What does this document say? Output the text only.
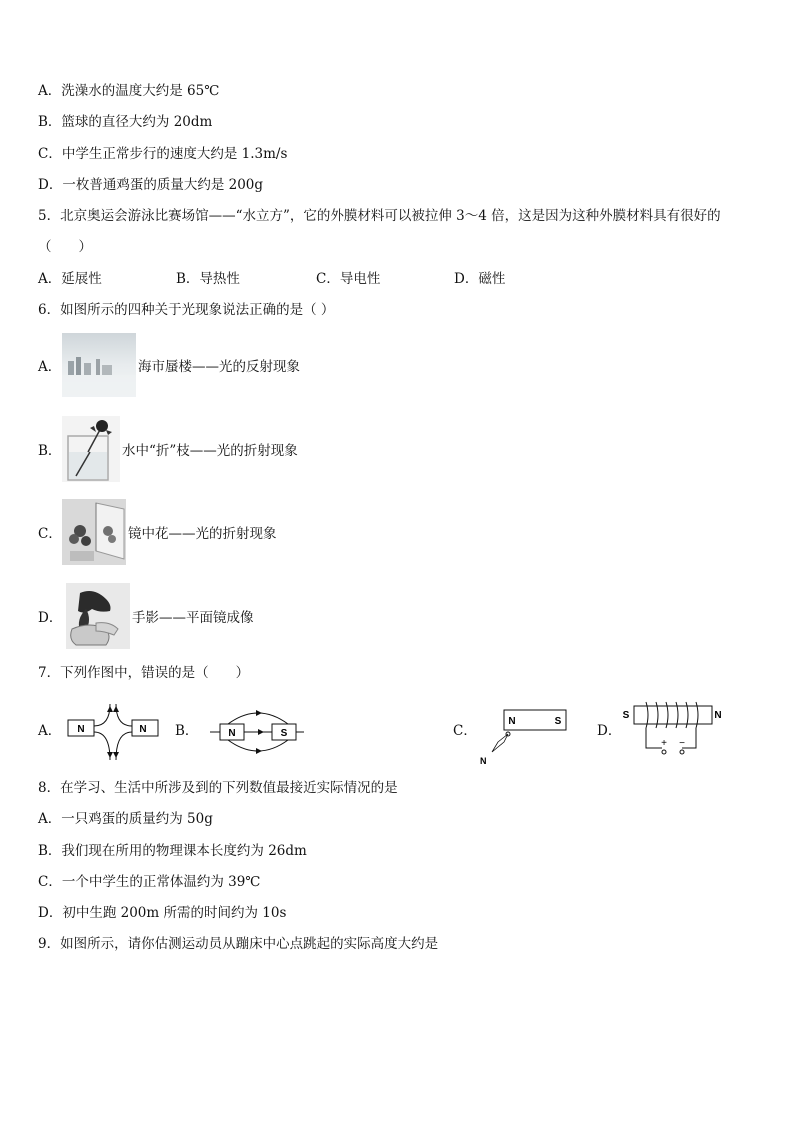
A．洗澡水的温度大约是 65℃
B．篮球的直径大约为 20dm
C．中学生正常步行的速度大约是 1.3m/s
D．一枚普通鸡蛋的质量大约是 200g
5．北京奥运会游泳比赛场馆——“水立方”，它的外膜材料可以被拉伸 3～4 倍，这是因为这种外膜材料具有很好的
（　　）
A．延展性	B．导热性	C．导电性	D．磁性
6．如图所示的四种关于光现象说法正确的是（ ）
A．	海市蜃楼——光的反射现象
B．	水中“折”枝——光的折射现象
C．	镜中花——光的折射现象
D．	手影——平面镜成像
7．下列作图中，错误的是（　　）
A． N	N B．	N	S	C．
N	S
N
D．
S	N
+ −
8．在学习、生活中所涉及到的下列数值最接近实际情况的是
A．一只鸡蛋的质量约为 50g
B．我们现在所用的物理课本长度约为 26dm
C．一个中学生的正常体温约为 39℃
D．初中生跑 200m 所需的时间约为 10s
9．如图所示，请你估测运动员从蹦床中心点跳起的实际高度大约是
